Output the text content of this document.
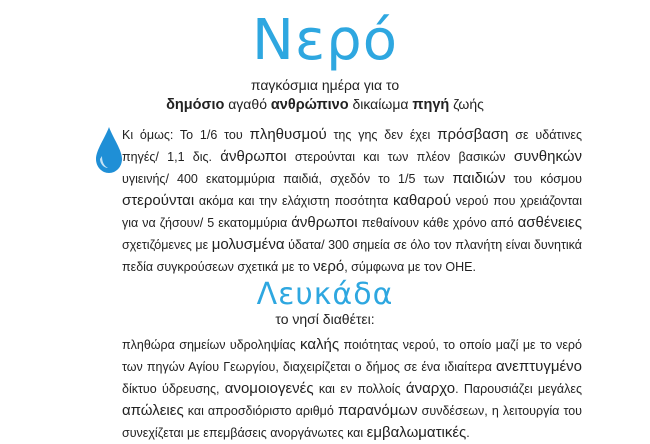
Νερό
παγκόσμια ημέρα για το
δημόσιο αγαθό ανθρώπινο δικαίωμα πηγή ζωής

Κι όμως: Το 1/6 του πληθυσμού της γης δεν έχει πρόσβαση σε υδάτινες πηγές/ 1,1 δις. άνθρωποι στερούνται και των πλέον βασικών συνθηκών υγιεινής/ 400 εκατομμύρια παιδιά, σχεδόν το 1/5 των παιδιών του κόσμου στερούνται ακόμα και την ελάχιστη ποσότητα καθαρού νερού που χρειάζονται για να ζήσουν/ 5 εκατομμύρια άνθρωποι πεθαίνουν κάθε χρόνο από ασθένειες σχετιζόμενες με μολυσμένα ύδατα/ 300 σημεία σε όλο τον πλανήτη είναι δυνητικά πεδία συγκρούσεων σχετικά με το νερό, σύμφωνα με τον ΟΗΕ.

Λευκάδα
το νησί διαθέτει:

πληθώρα σημείων υδροληψίας καλής ποιότητας νερού, το οποίο μαζί με το νερό των πηγών Αγίου Γεωργίου, διαχειρίζεται ο δήμος σε ένα ιδιαίτερα ανεπτυγμένο δίκτυο ύδρευσης, ανομοιογενές και εν πολλοίς άναρχο. Παρουσιάζει μεγάλες απώλειες και απροσδιόριστο αριθμό παρανόμων συνδέσεων, η λειτουργία του συνεχίζεται με επεμβάσεις ανοργάνωτες και εμβαλωματικές.
